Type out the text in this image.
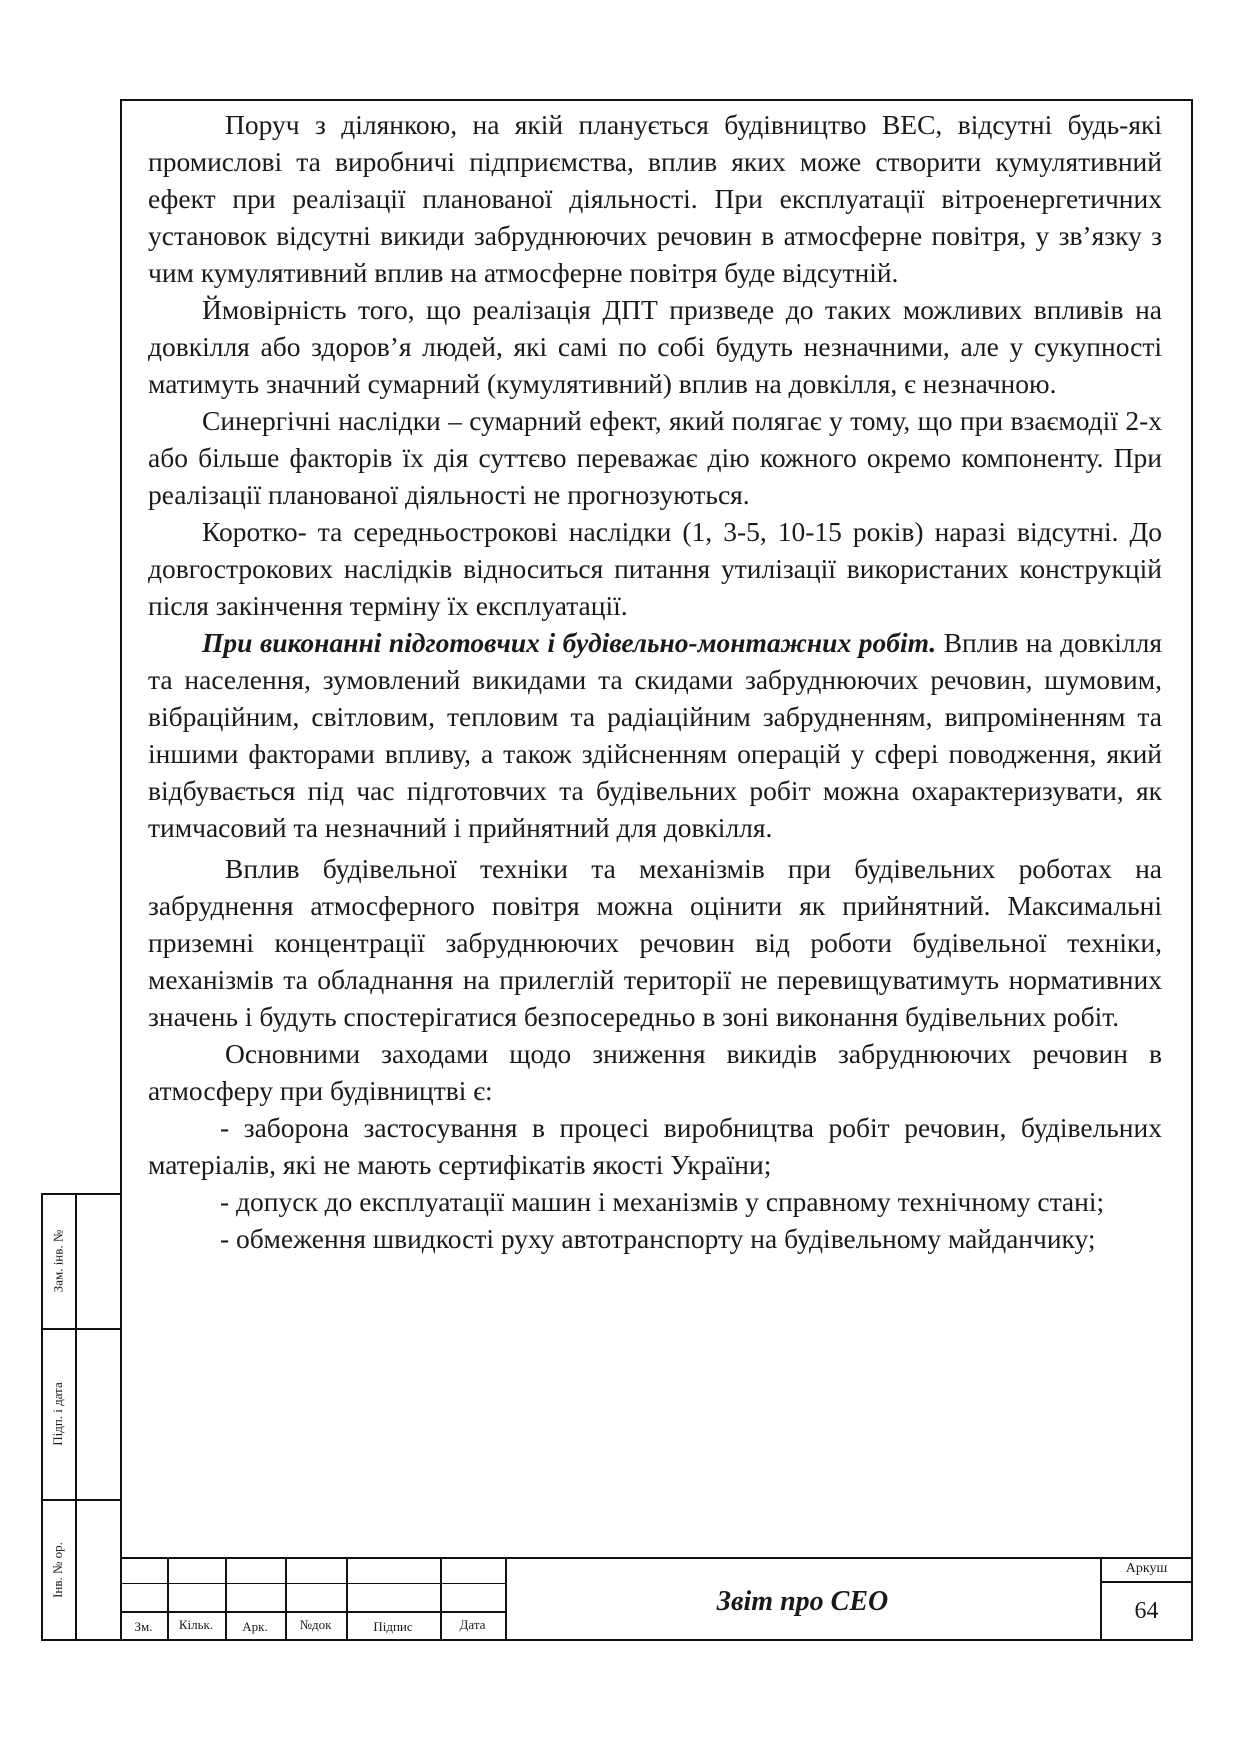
Поруч з ділянкою, на якій планується будівництво ВЕС, відсутні будь-які промислові та виробничі підприємства, вплив яких може створити кумулятивний ефект при реалізації планованої діяльності. При експлуатації вітроенергетичних установок відсутні викиди забруднюючих речовин в атмосферне повітря, у зв’язку з чим кумулятивний вплив на атмосферне повітря буде відсутній.

Ймовірність того, що реалізація ДПТ призведе до таких можливих впливів на довкілля або здоров’я людей, які самі по собі будуть незначними, але у сукупності матимуть значний сумарний (кумулятивний) вплив на довкілля, є незначною.

Синергічні наслідки – сумарний ефект, який полягає у тому, що при взаємодії 2-х або більше факторів їх дія суттєво переважає дію кожного окремо компоненту. При реалізації планованої діяльності не прогнозуються.

Коротко- та середньострокові наслідки (1, 3-5, 10-15 років) наразі відсутні. До довгострокових наслідків відноситься питання утилізації використаних конструкцій після закінчення терміну їх експлуатації.

При виконанні підготовчих і будівельно-монтажних робіт. Вплив на довкілля та населення, зумовлений викидами та скидами забруднюючих речовин, шумовим, вібраційним, світловим, тепловим та радіаційним забрудненням, випроміненням та іншими факторами впливу, а також здійсненням операцій у сфері поводження, який відбувається під час підготовчих та будівельних робіт можна охарактеризувати, як тимчасовий та незначний і прийнятний для довкілля.

Вплив будівельної техніки та механізмів при будівельних роботах на забруднення атмосферного повітря можна оцінити як прийнятний. Максимальні приземні концентрації забруднюючих речовин від роботи будівельної техніки, механізмів та обладнання на прилеглій території не перевищуватимуть нормативних значень і будуть спостерігатися безпосередньо в зоні виконання будівельних робіт.

Основними заходами щодо зниження викидів забруднюючих речовин в атмосферу при будівництві є:

- заборона застосування в процесі виробництва робіт речовин, будівельних матеріалів, які не мають сертифікатів якості України;

- допуск до експлуатації машин і механізмів у справному технічному стані;

- обмеження швидкості руху автотранспорту на будівельному майданчику;

Зам. інв. №
Підп. і дата
Інв. № ор.
Зм.	Кільк.	Арк.	№док	Підпис	Дата
Звіт про СЕО
Аркуш
64
